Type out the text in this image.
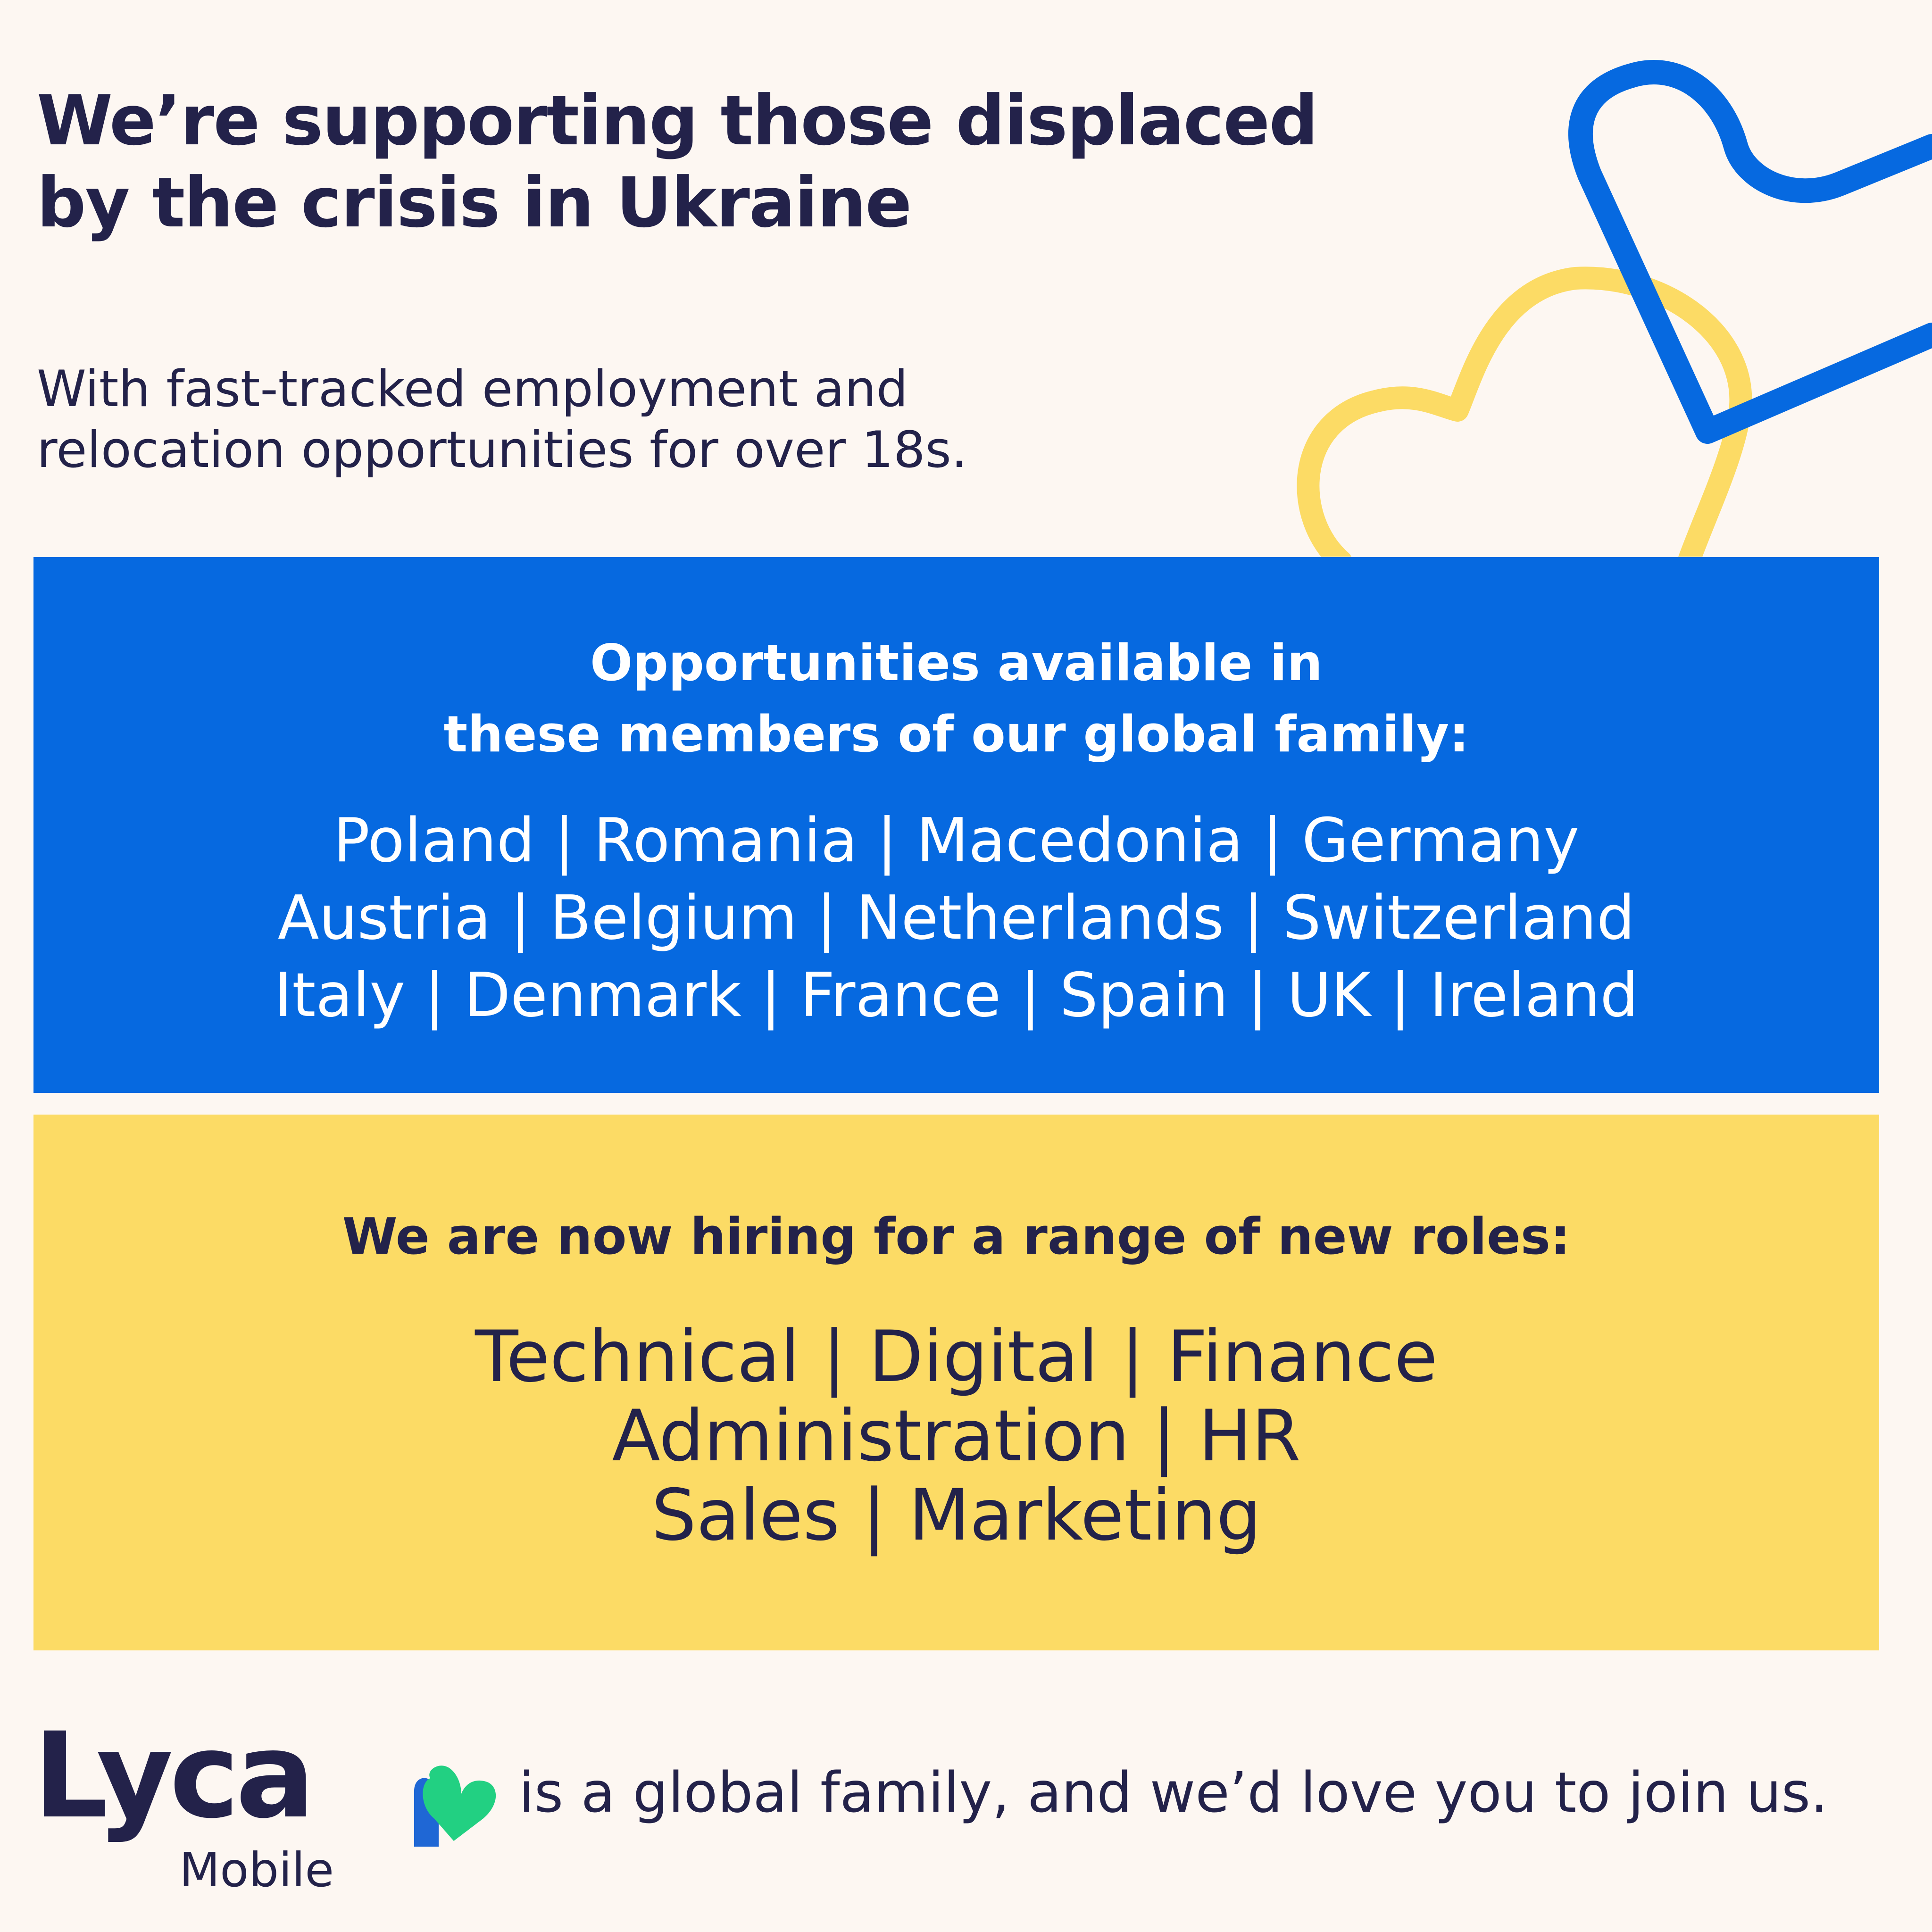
We’re supporting those displaced
by the crisis in Ukraine

With fast-tracked employment and
relocation opportunities for over 18s.

Opportunities available in
these members of our global family:
Poland | Romania | Macedonia | Germany
Austria | Belgium | Netherlands | Switzerland
Italy | Denmark | France | Spain | UK | Ireland
We are now hiring for a range of new roles:
Technical | Digital | Finance
Administration | HR
Sales | Marketing
Lyca
Mobile
is a global family, and we’d love you to join us.
